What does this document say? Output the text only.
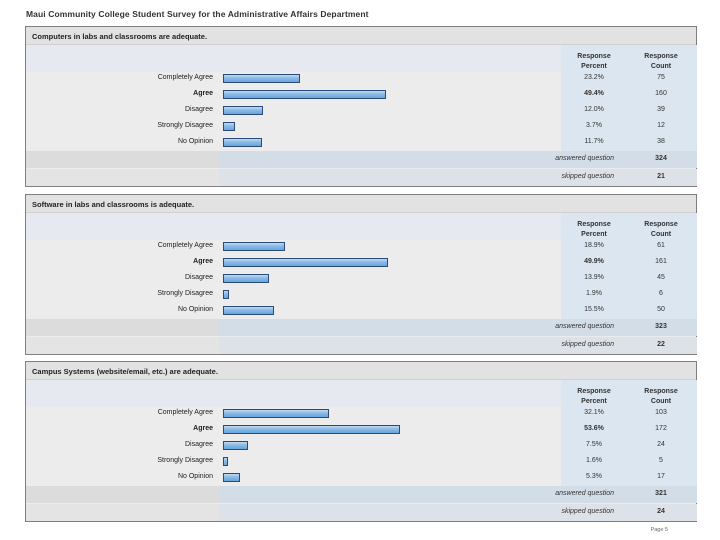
Maui Community College Student Survey for the Administrative Affairs Department
Computers in labs and classrooms are adequate.
Response
Percent
Response
Count
Completely Agree	23.2%	75
Agree	49.4%	160
Disagree	12.0%	39
Strongly Disagree	3.7%	12
No Opinion	11.7%	38
answered question	324
skipped question	21
Software in labs and classrooms is adequate.
Response
Percent
Response
Count
Completely Agree	18.9%	61
Agree	49.9%	161
Disagree	13.9%	45
Strongly Disagree	1.9%	6
No Opinion	15.5%	50
answered question	323
skipped question	22
Campus Systems (website/email, etc.) are adequate.
Response
Percent
Response
Count
Completely Agree	32.1%	103
Agree	53.6%	172
Disagree	7.5%	24
Strongly Disagree	1.6%	5
No Opinion	5.3%	17
answered question	321
skipped question	24
Page 5
